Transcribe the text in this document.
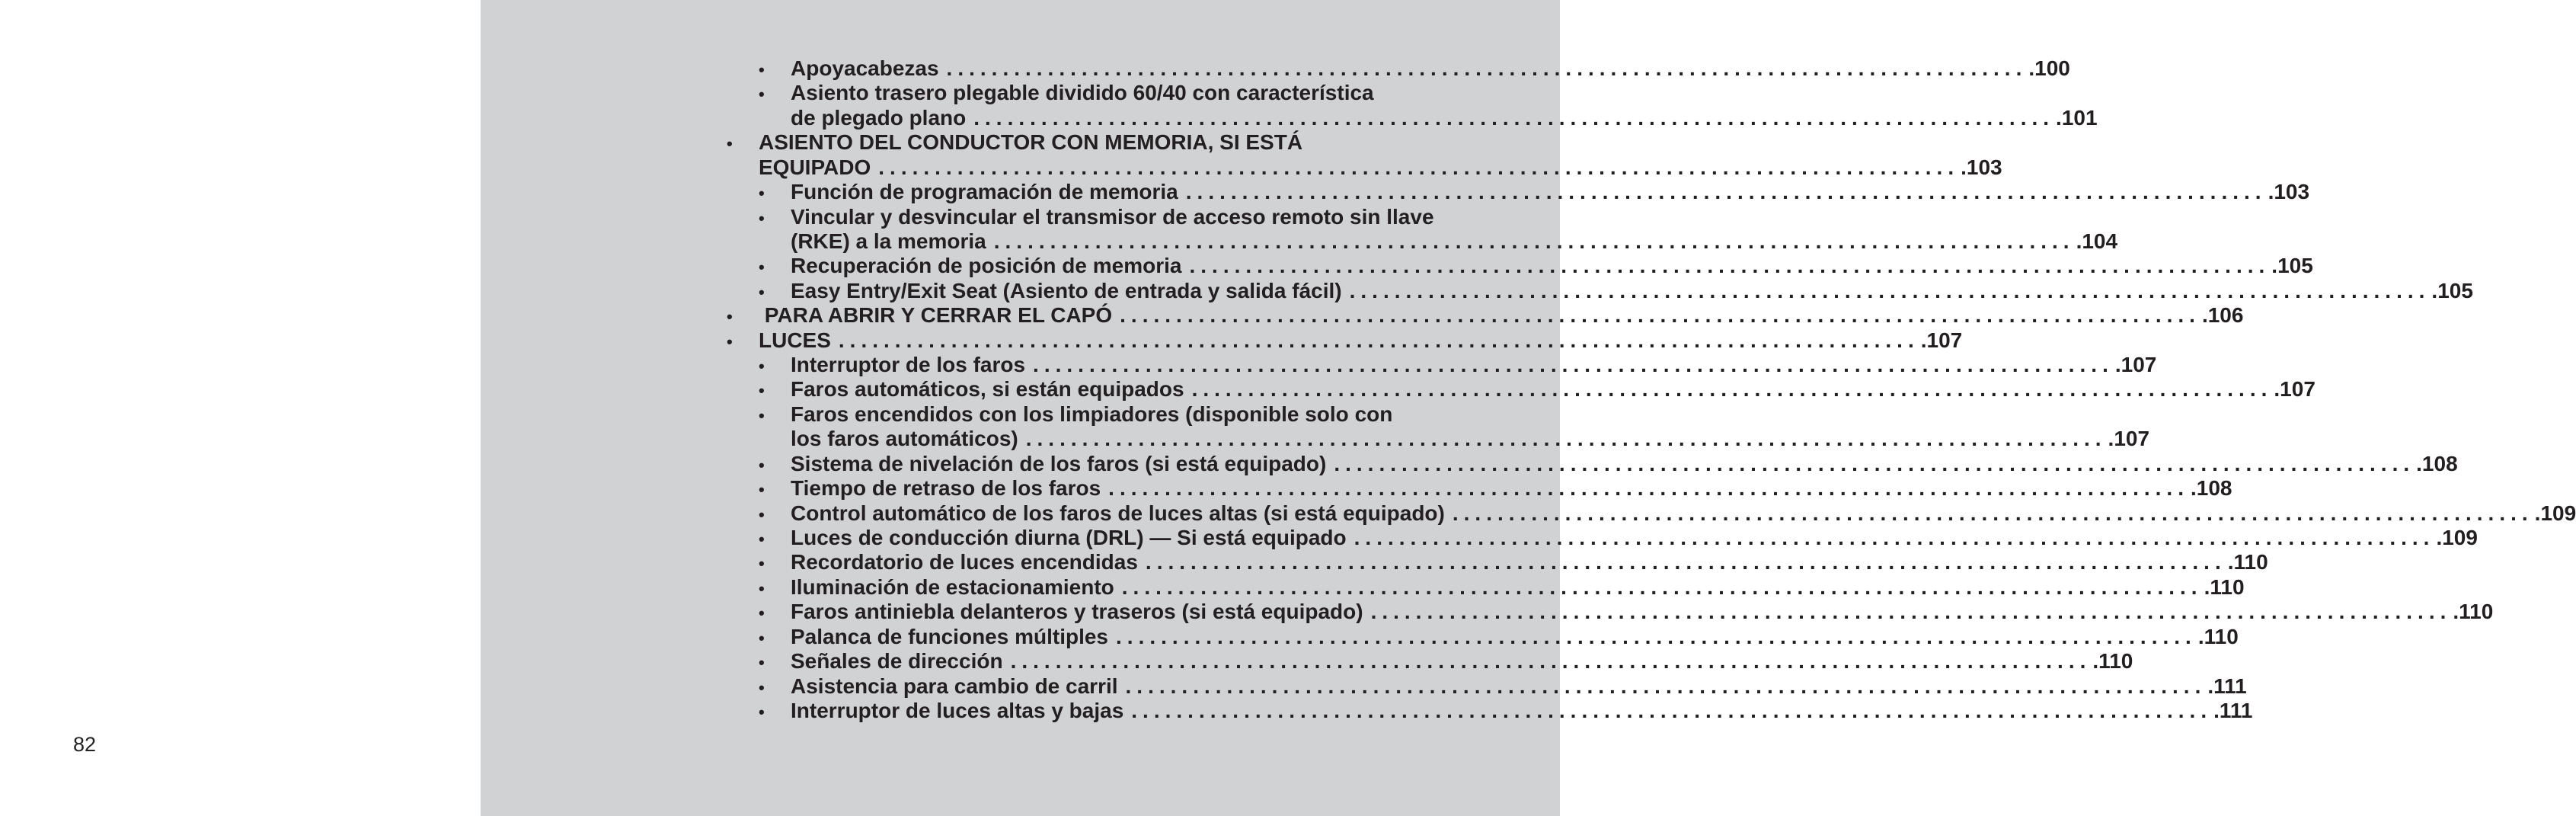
82
•	Apoyacabezas ................................................................................................ .100
•	Asiento trasero plegable dividido 60/40 con característica
de plegado plano ................................................................................................ .101
•	ASIENTO DEL CONDUCTOR CON MEMORIA, SI ESTÁ
EQUIPADO ................................................................................................ .103
•	Función de programación de memoria ................................................................................................ .103
•	Vincular y desvincular el transmisor de acceso remoto sin llave
(RKE) a la memoria ................................................................................................ .104
•	Recuperación de posición de memoria ................................................................................................ .105
•	Easy Entry/Exit Seat (Asiento de entrada y salida fácil) ................................................................................................ .105
•	PARA ABRIR Y CERRAR EL CAPÓ ................................................................................................ .106
•	LUCES ................................................................................................ .107
•	Interruptor de los faros ................................................................................................ .107
•	Faros automáticos, si están equipados ................................................................................................ .107
•	Faros encendidos con los limpiadores (disponible solo con
los faros automáticos) ................................................................................................ .107
•	Sistema de nivelación de los faros (si está equipado) ................................................................................................ .108
•	Tiempo de retraso de los faros ................................................................................................ .108
•	Control automático de los faros de luces altas (si está equipado) ................................................................................................ .109
•	Luces de conducción diurna (DRL) — Si está equipado ................................................................................................ .109
•	Recordatorio de luces encendidas ................................................................................................ .110
•	Iluminación de estacionamiento ................................................................................................ .110
•	Faros antiniebla delanteros y traseros (si está equipado) ................................................................................................ .110
•	Palanca de funciones múltiples ................................................................................................ .110
•	Señales de dirección ................................................................................................ .110
•	Asistencia para cambio de carril ................................................................................................ .111
•	Interruptor de luces altas y bajas ................................................................................................ .111
